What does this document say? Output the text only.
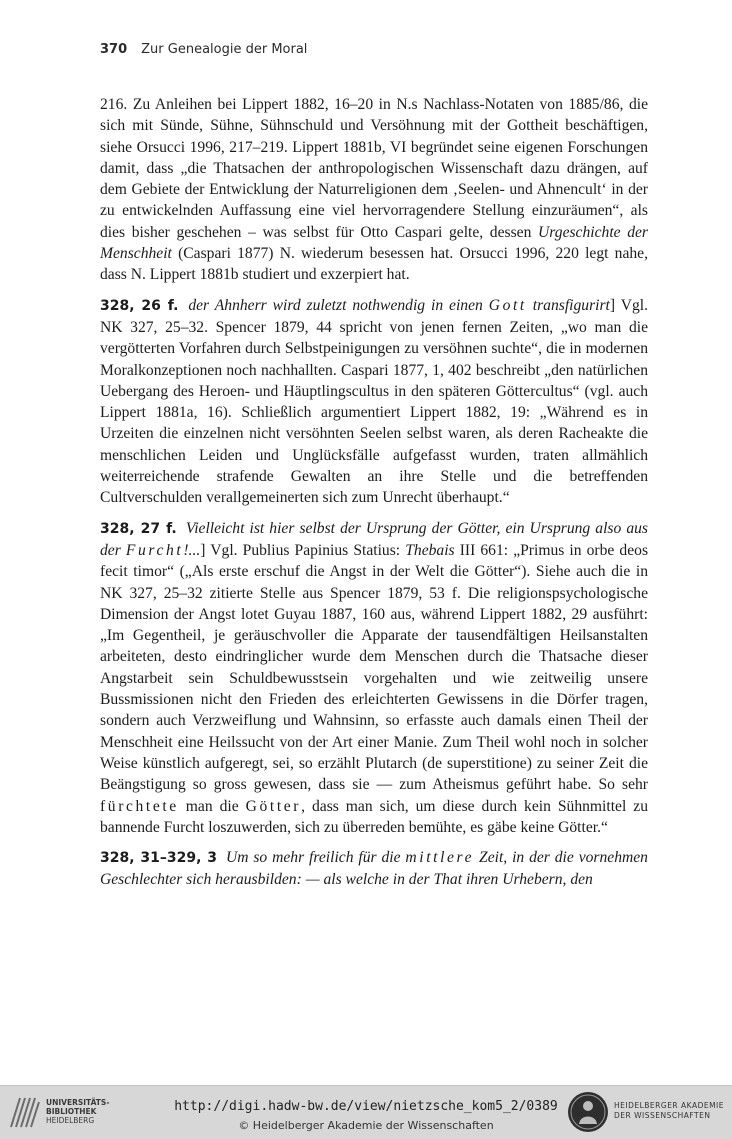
370 Zur Genealogie der Moral

216. Zu Anleihen bei Lippert 1882, 16–20 in N.s Nachlass-Notaten von 1885/86, die sich mit Sünde, Sühne, Sühnschuld und Versöhnung mit der Gottheit beschäftigen, siehe Orsucci 1996, 217–219. Lippert 1881b, VI begründet seine eigenen Forschungen damit, dass „die Thatsachen der anthropologischen Wissenschaft dazu drängen, auf dem Gebiete der Entwicklung der Naturreligionen dem ‚Seelen- und Ahnencult‘ in der zu entwickelnden Auffassung eine viel hervorragendere Stellung einzuräumen“, als dies bisher geschehen – was selbst für Otto Caspari gelte, dessen Urgeschichte der Menschheit (Caspari 1877) N. wiederum besessen hat. Orsucci 1996, 220 legt nahe, dass N. Lippert 1881b studiert und exzerpiert hat.

328, 26 f. der Ahnherr wird zuletzt nothwendig in einen Gott transfigurirt] Vgl. NK 327, 25–32. Spencer 1879, 44 spricht von jenen fernen Zeiten, „wo man die vergötterten Vorfahren durch Selbstpeinigungen zu versöhnen suchte“, die in modernen Moralkonzeptionen noch nachhallten. Caspari 1877, 1, 402 beschreibt „den natürlichen Uebergang des Heroen- und Häuptlingscultus in den späteren Göttercultus“ (vgl. auch Lippert 1881a, 16). Schließlich argumentiert Lippert 1882, 19: „Während es in Urzeiten die einzelnen nicht versöhnten Seelen selbst waren, als deren Racheakte die menschlichen Leiden und Unglücksfälle aufgefasst wurden, traten allmählich weiterreichende strafende Gewalten an ihre Stelle und die betreffenden Cultverschulden verallgemeinerten sich zum Unrecht überhaupt.“

328, 27 f. Vielleicht ist hier selbst der Ursprung der Götter, ein Ursprung also aus der Furcht!...] Vgl. Publius Papinius Statius: Thebais III 661: „Primus in orbe deos fecit timor“ („Als erste erschuf die Angst in der Welt die Götter“). Siehe auch die in NK 327, 25–32 zitierte Stelle aus Spencer 1879, 53 f. Die religionspsychologische Dimension der Angst lotet Guyau 1887, 160 aus, während Lippert 1882, 29 ausführt: „Im Gegentheil, je geräuschvoller die Apparate der tausendfältigen Heilsanstalten arbeiteten, desto eindringlicher wurde dem Menschen durch die Thatsache dieser Angstarbeit sein Schuldbewusstsein vorgehalten und wie zeitweilig unsere Bussmissionen nicht den Frieden des erleichterten Gewissens in die Dörfer tragen, sondern auch Verzweiflung und Wahnsinn, so erfasste auch damals einen Theil der Menschheit eine Heilssucht von der Art einer Manie. Zum Theil wohl noch in solcher Weise künstlich aufgeregt, sei, so erzählt Plutarch (de superstitione) zu seiner Zeit die Beängstigung so gross gewesen, dass sie — zum Atheismus geführt habe. So sehr fürchtete man die Götter, dass man sich, um diese durch kein Sühnmittel zu bannende Furcht loszuwerden, sich zu überreden bemühte, es gäbe keine Götter.“

328, 31–329, 3 Um so mehr freilich für die mittlere Zeit, in der die vornehmen Geschlechter sich herausbilden: — als welche in der That ihren Urhebern, den

UNIVERSITÄTS-
BIBLIOTHEK
HEIDELBERG
http://digi.hadw-bw.de/view/nietzsche_kom5_2/0389
© Heidelberger Akademie der Wissenschaften
HEIDELBERGER AKADEMIE
DER WISSENSCHAFTEN
